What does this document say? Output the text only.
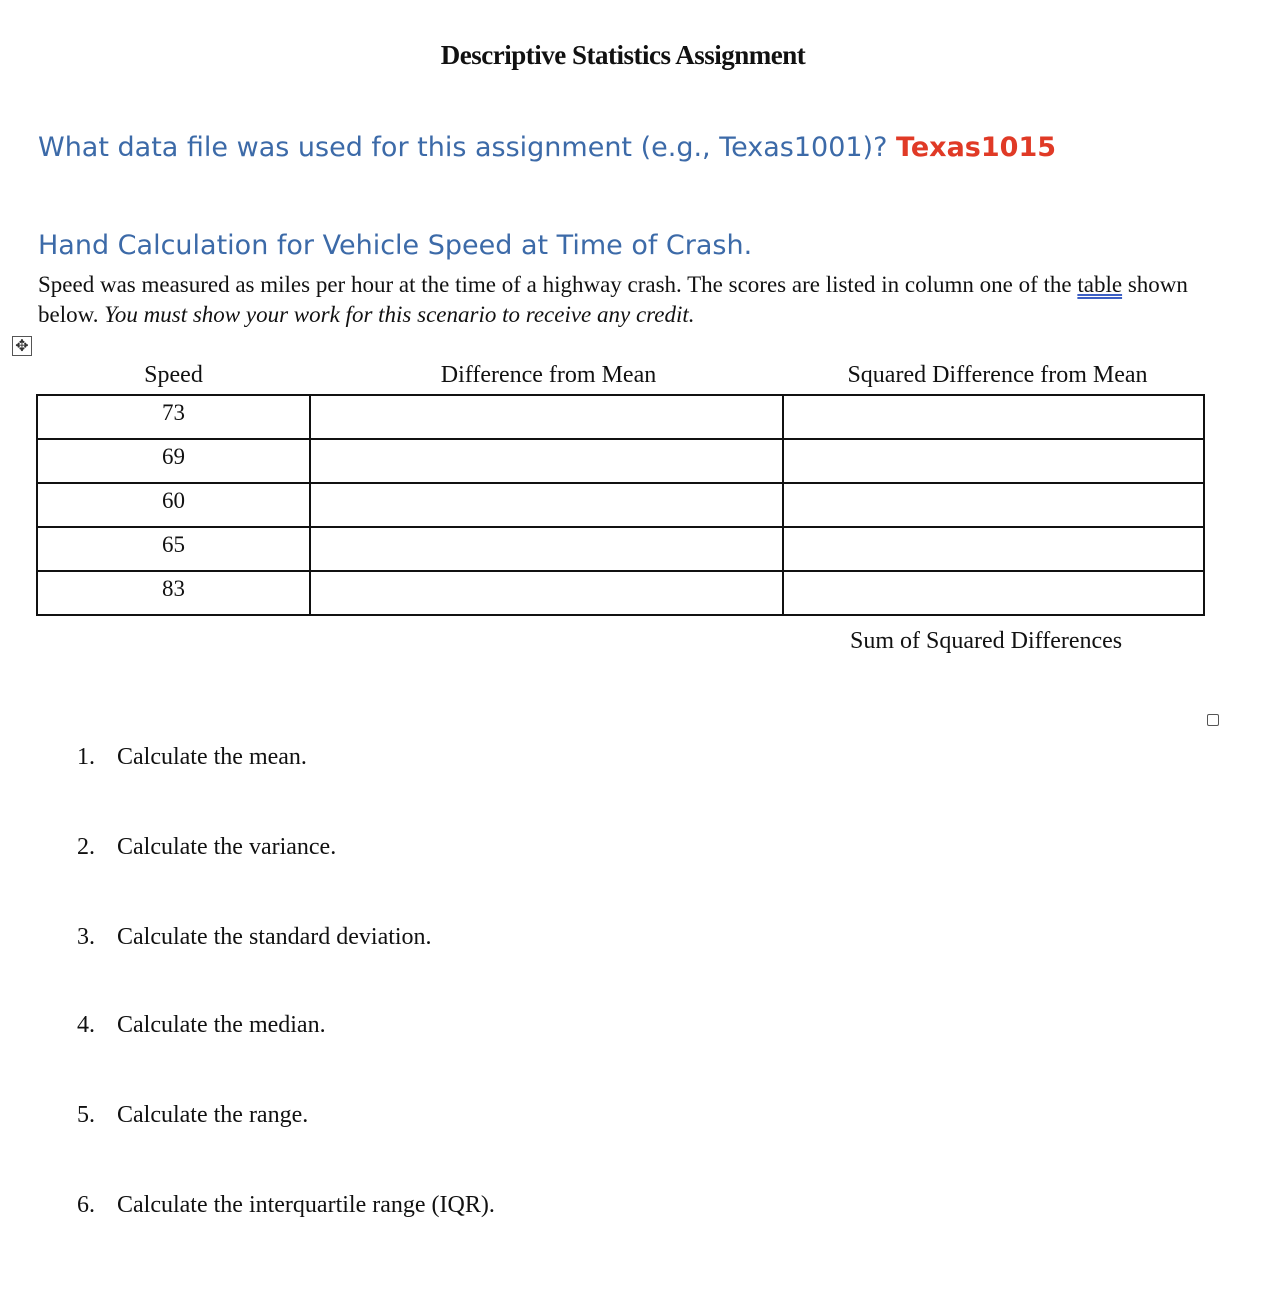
Descriptive Statistics Assignment
What data file was used for this assignment (e.g., Texas1001)? Texas1015
Hand Calculation for Vehicle Speed at Time of Crash.
Speed was measured as miles per hour at the time of a highway crash. The scores are listed in column one of the table shown below. You must show your work for this scenario to receive any credit.
✥
Speed	Difference from Mean	Squared Difference from Mean
73		
69		
60		
65		
83		
Sum of Squared Differences
1. Calculate the mean.
2. Calculate the variance.
3. Calculate the standard deviation.
4. Calculate the median.
5. Calculate the range.
6. Calculate the interquartile range (IQR).
